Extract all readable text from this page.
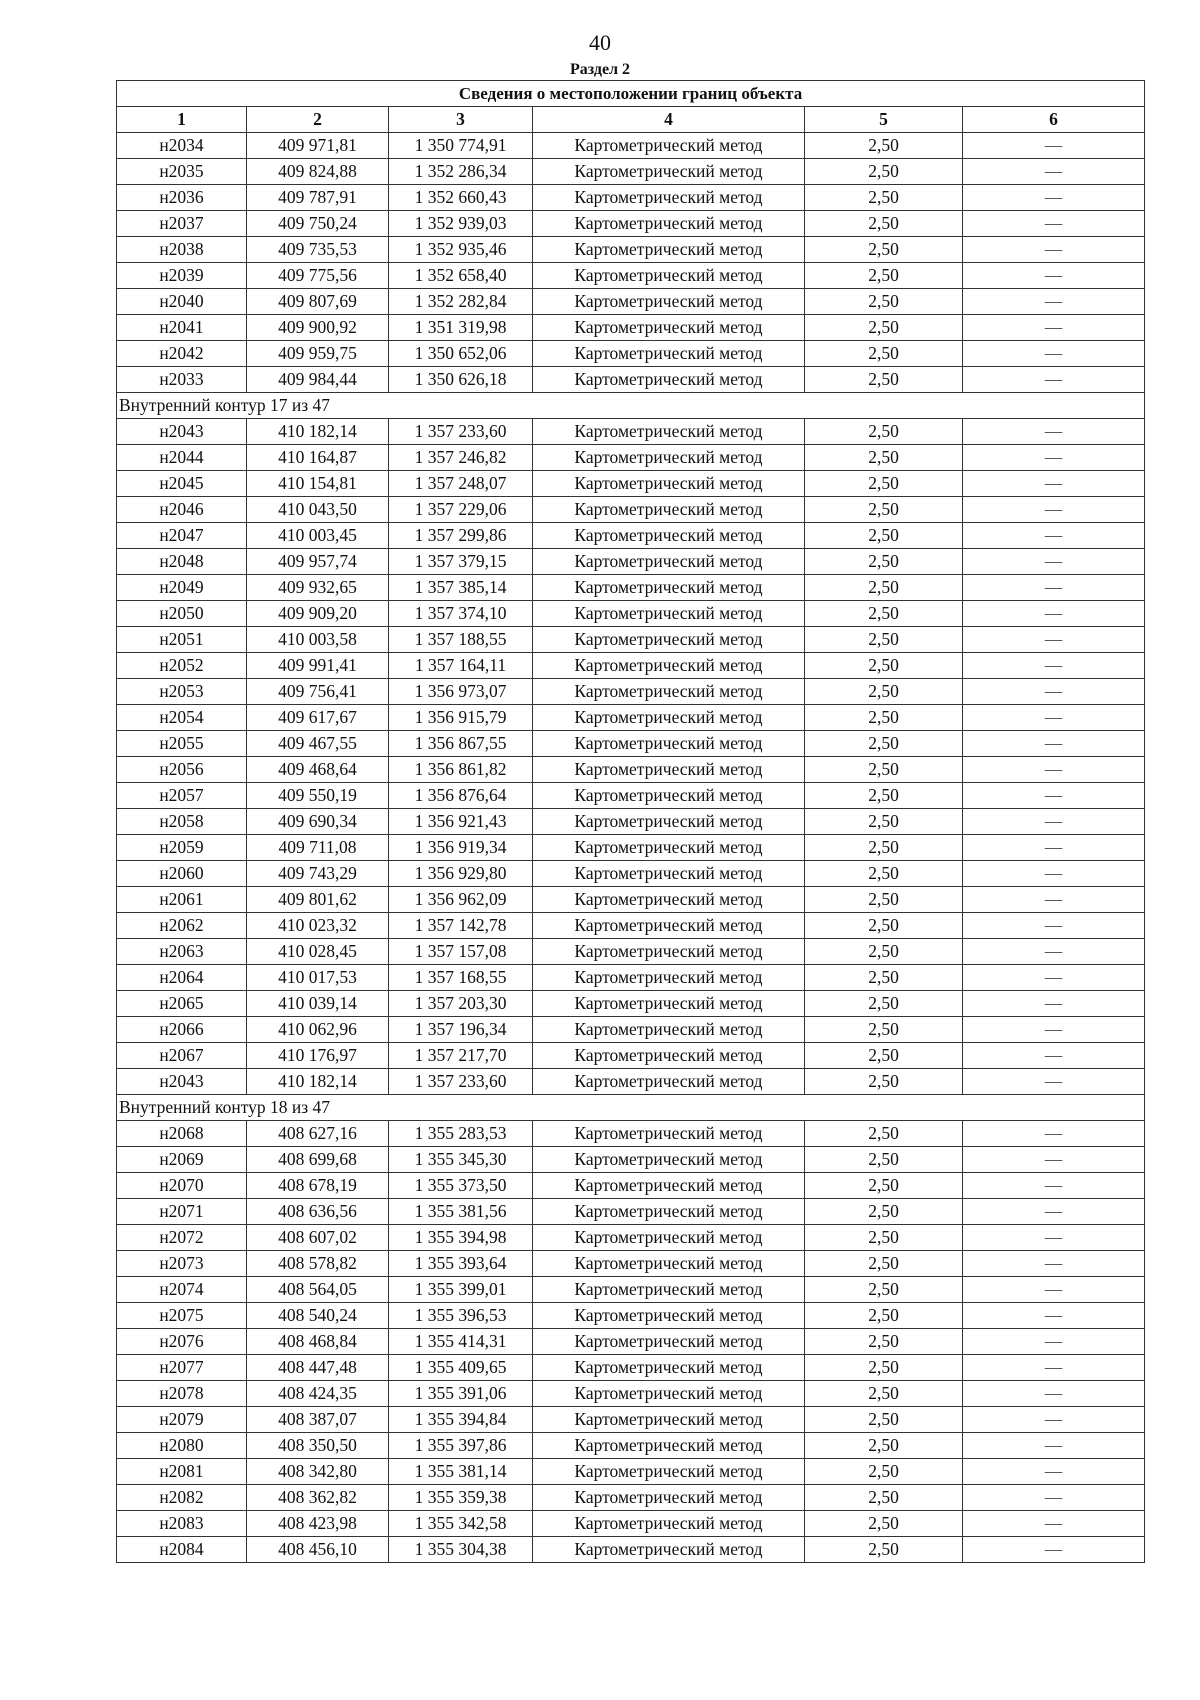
40
Раздел 2
Сведения о местоположении границ объекта					
1	2	3	4	5	6
н2034	409 971,81	1 350 774,91	Картометрический метод	2,50	—
н2035	409 824,88	1 352 286,34	Картометрический метод	2,50	—
н2036	409 787,91	1 352 660,43	Картометрический метод	2,50	—
н2037	409 750,24	1 352 939,03	Картометрический метод	2,50	—
н2038	409 735,53	1 352 935,46	Картометрический метод	2,50	—
н2039	409 775,56	1 352 658,40	Картометрический метод	2,50	—
н2040	409 807,69	1 352 282,84	Картометрический метод	2,50	—
н2041	409 900,92	1 351 319,98	Картометрический метод	2,50	—
н2042	409 959,75	1 350 652,06	Картометрический метод	2,50	—
н2033	409 984,44	1 350 626,18	Картометрический метод	2,50	—
Внутренний контур 17 из 47					
н2043	410 182,14	1 357 233,60	Картометрический метод	2,50	—
н2044	410 164,87	1 357 246,82	Картометрический метод	2,50	—
н2045	410 154,81	1 357 248,07	Картометрический метод	2,50	—
н2046	410 043,50	1 357 229,06	Картометрический метод	2,50	—
н2047	410 003,45	1 357 299,86	Картометрический метод	2,50	—
н2048	409 957,74	1 357 379,15	Картометрический метод	2,50	—
н2049	409 932,65	1 357 385,14	Картометрический метод	2,50	—
н2050	409 909,20	1 357 374,10	Картометрический метод	2,50	—
н2051	410 003,58	1 357 188,55	Картометрический метод	2,50	—
н2052	409 991,41	1 357 164,11	Картометрический метод	2,50	—
н2053	409 756,41	1 356 973,07	Картометрический метод	2,50	—
н2054	409 617,67	1 356 915,79	Картометрический метод	2,50	—
н2055	409 467,55	1 356 867,55	Картометрический метод	2,50	—
н2056	409 468,64	1 356 861,82	Картометрический метод	2,50	—
н2057	409 550,19	1 356 876,64	Картометрический метод	2,50	—
н2058	409 690,34	1 356 921,43	Картометрический метод	2,50	—
н2059	409 711,08	1 356 919,34	Картометрический метод	2,50	—
н2060	409 743,29	1 356 929,80	Картометрический метод	2,50	—
н2061	409 801,62	1 356 962,09	Картометрический метод	2,50	—
н2062	410 023,32	1 357 142,78	Картометрический метод	2,50	—
н2063	410 028,45	1 357 157,08	Картометрический метод	2,50	—
н2064	410 017,53	1 357 168,55	Картометрический метод	2,50	—
н2065	410 039,14	1 357 203,30	Картометрический метод	2,50	—
н2066	410 062,96	1 357 196,34	Картометрический метод	2,50	—
н2067	410 176,97	1 357 217,70	Картометрический метод	2,50	—
н2043	410 182,14	1 357 233,60	Картометрический метод	2,50	—
Внутренний контур 18 из 47					
н2068	408 627,16	1 355 283,53	Картометрический метод	2,50	—
н2069	408 699,68	1 355 345,30	Картометрический метод	2,50	—
н2070	408 678,19	1 355 373,50	Картометрический метод	2,50	—
н2071	408 636,56	1 355 381,56	Картометрический метод	2,50	—
н2072	408 607,02	1 355 394,98	Картометрический метод	2,50	—
н2073	408 578,82	1 355 393,64	Картометрический метод	2,50	—
н2074	408 564,05	1 355 399,01	Картометрический метод	2,50	—
н2075	408 540,24	1 355 396,53	Картометрический метод	2,50	—
н2076	408 468,84	1 355 414,31	Картометрический метод	2,50	—
н2077	408 447,48	1 355 409,65	Картометрический метод	2,50	—
н2078	408 424,35	1 355 391,06	Картометрический метод	2,50	—
н2079	408 387,07	1 355 394,84	Картометрический метод	2,50	—
н2080	408 350,50	1 355 397,86	Картометрический метод	2,50	—
н2081	408 342,80	1 355 381,14	Картометрический метод	2,50	—
н2082	408 362,82	1 355 359,38	Картометрический метод	2,50	—
н2083	408 423,98	1 355 342,58	Картометрический метод	2,50	—
н2084	408 456,10	1 355 304,38	Картометрический метод	2,50	—
